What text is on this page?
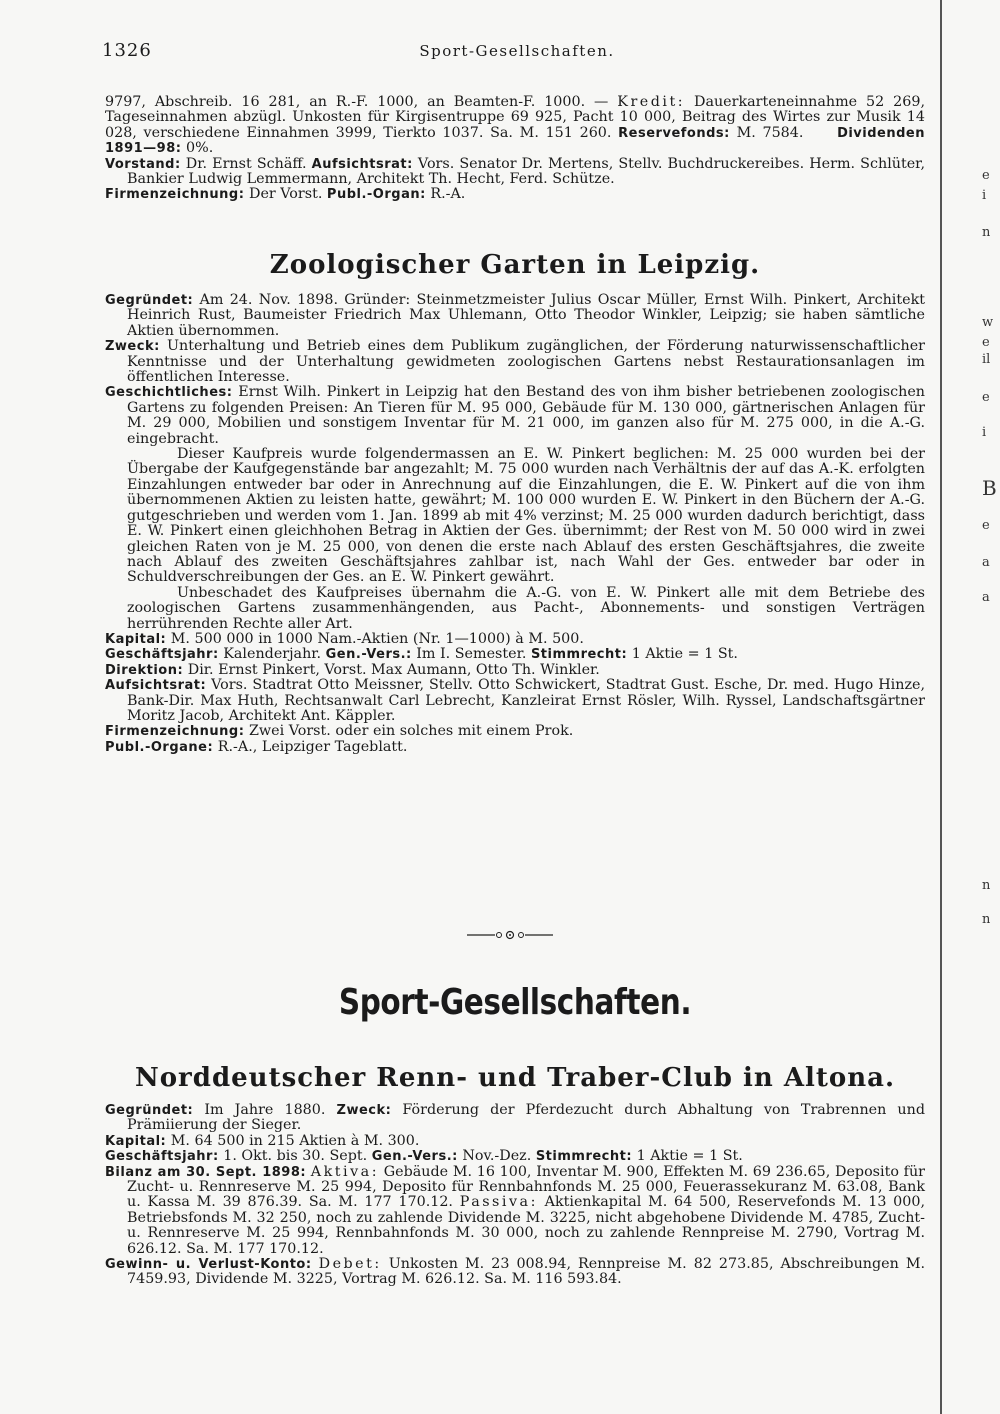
1326	Sport-Gesellschaften.

9797, Abschreib. 16 281, an R.-F. 1000, an Beamten-F. 1000. — Kredit: Dauerkarteneinnahme 52 269, Tageseinnahmen abzügl. Unkosten für Kirgisentruppe 69 925, Pacht 10 000, Beitrag des Wirtes zur Musik 14 028, verschiedene Einnahmen 3999, Tierkto 1037. Sa. M. 151 260. Reservefonds: M. 7584.	Dividenden 1891—98: 0%.

Vorstand: Dr. Ernst Schäff. Aufsichtsrat: Vors. Senator Dr. Mertens, Stellv. Buchdruckereibes. Herm. Schlüter, Bankier Ludwig Lemmermann, Architekt Th. Hecht, Ferd. Schütze.

Firmenzeichnung: Der Vorst. Publ.-Organ: R.-A.

Zoologischer Garten in Leipzig.

Gegründet: Am 24. Nov. 1898. Gründer: Steinmetzmeister Julius Oscar Müller, Ernst Wilh. Pinkert, Architekt Heinrich Rust, Baumeister Friedrich Max Uhlemann, Otto Theodor Winkler, Leipzig; sie haben sämtliche Aktien übernommen.

Zweck: Unterhaltung und Betrieb eines dem Publikum zugänglichen, der Förderung naturwissenschaftlicher Kenntnisse und der Unterhaltung gewidmeten zoologischen Gartens nebst Restaurationsanlagen im öffentlichen Interesse.

Geschichtliches: Ernst Wilh. Pinkert in Leipzig hat den Bestand des von ihm bisher betriebenen zoologischen Gartens zu folgenden Preisen: An Tieren für M. 95 000, Gebäude für M. 130 000, gärtnerischen Anlagen für M. 29 000, Mobilien und sonstigem Inventar für M. 21 000, im ganzen also für M. 275 000, in die A.-G. eingebracht.

Dieser Kaufpreis wurde folgendermassen an E. W. Pinkert beglichen: M. 25 000 wurden bei der Übergabe der Kaufgegenstände bar angezahlt; M. 75 000 wurden nach Verhältnis der auf das A.-K. erfolgten Einzahlungen entweder bar oder in Anrechnung auf die Einzahlungen, die E. W. Pinkert auf die von ihm übernommenen Aktien zu leisten hatte, gewährt; M. 100 000 wurden E. W. Pinkert in den Büchern der A.-G. gutgeschrieben und werden vom 1. Jan. 1899 ab mit 4% verzinst; M. 25 000 wurden dadurch berichtigt, dass E. W. Pinkert einen gleichhohen Betrag in Aktien der Ges. übernimmt; der Rest von M. 50 000 wird in zwei gleichen Raten von je M. 25 000, von denen die erste nach Ablauf des ersten Geschäftsjahres, die zweite nach Ablauf des zweiten Geschäftsjahres zahlbar ist, nach Wahl der Ges. entweder bar oder in Schuldverschreibungen der Ges. an E. W. Pinkert gewährt.

Unbeschadet des Kaufpreises übernahm die A.-G. von E. W. Pinkert alle mit dem Betriebe des zoologischen Gartens zusammenhängenden, aus Pacht-, Abonnements- und sonstigen Verträgen herrührenden Rechte aller Art.

Kapital: M. 500 000 in 1000 Nam.-Aktien (Nr. 1—1000) à M. 500.

Geschäftsjahr: Kalenderjahr. Gen.-Vers.: Im I. Semester. Stimmrecht: 1 Aktie = 1 St.

Direktion: Dir. Ernst Pinkert, Vorst. Max Aumann, Otto Th. Winkler.

Aufsichtsrat: Vors. Stadtrat Otto Meissner, Stellv. Otto Schwickert, Stadtrat Gust. Esche, Dr. med. Hugo Hinze, Bank-Dir. Max Huth, Rechtsanwalt Carl Lebrecht, Kanzleirat Ernst Rösler, Wilh. Ryssel, Landschaftsgärtner Moritz Jacob, Architekt Ant. Käppler.

Firmenzeichnung: Zwei Vorst. oder ein solches mit einem Prok.

Publ.-Organe: R.-A., Leipziger Tageblatt.

Sport-Gesellschaften.
Norddeutscher Renn- und Traber-Club in Altona.

Gegründet: Im Jahre 1880. Zweck: Förderung der Pferdezucht durch Abhaltung von Trabrennen und Prämiierung der Sieger.

Kapital: M. 64 500 in 215 Aktien à M. 300.

Geschäftsjahr: 1. Okt. bis 30. Sept. Gen.-Vers.: Nov.-Dez. Stimmrecht: 1 Aktie = 1 St.

Bilanz am 30. Sept. 1898: Aktiva: Gebäude M. 16 100, Inventar M. 900, Effekten M. 69 236.65, Deposito für Zucht- u. Rennreserve M. 25 994, Deposito für Rennbahnfonds M. 25 000, Feuerassekuranz M. 63.08, Bank u. Kassa M. 39 876.39. Sa. M. 177 170.12. Passiva: Aktienkapital M. 64 500, Reservefonds M. 13 000, Betriebsfonds M. 32 250, noch zu zahlende Dividende M. 3225, nicht abgehobene Dividende M. 4785, Zucht- u. Rennreserve M. 25 994, Rennbahnfonds M. 30 000, noch zu zahlende Rennpreise M. 2790, Vortrag M. 626.12. Sa. M. 177 170.12.

Gewinn- u. Verlust-Konto: Debet: Unkosten M. 23 008.94, Rennpreise M. 82 273.85, Abschreibungen M. 7459.93, Dividende M. 3225, Vortrag M. 626.12. Sa. M. 116 593.84.

e
i
n
w
e
il
e
i
B
e
a
a
n
n
